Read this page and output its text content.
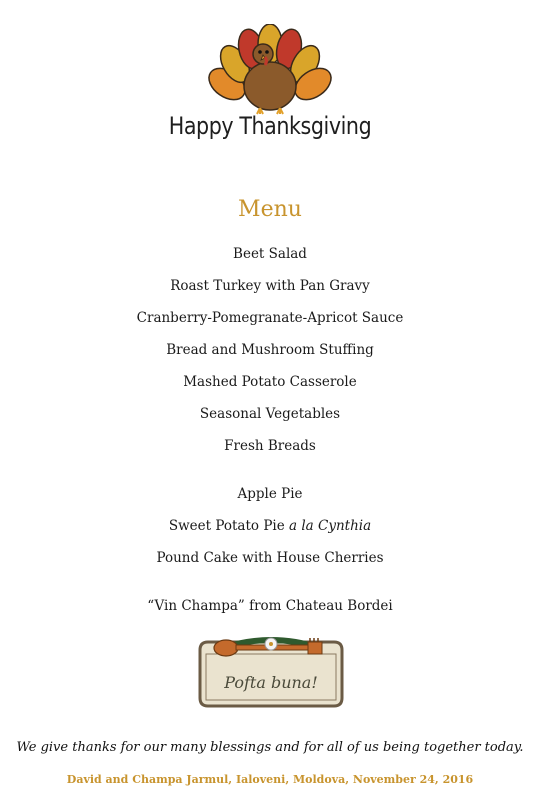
Happy Thanksgiving
Menu
Beet Salad
Roast Turkey with Pan Gravy
Cranberry-Pomegranate-Apricot Sauce
Bread and Mushroom Stuffing
Mashed Potato Casserole
Seasonal Vegetables
Fresh Breads
Apple Pie
Sweet Potato Pie a la Cynthia
Pound Cake with House Cherries
“Vin Champa” from Chateau Bordei
Pofta buna!
We give thanks for our many blessings and for all of us being together today.
David and Champa Jarmul, Ialoveni, Moldova, November 24, 2016
